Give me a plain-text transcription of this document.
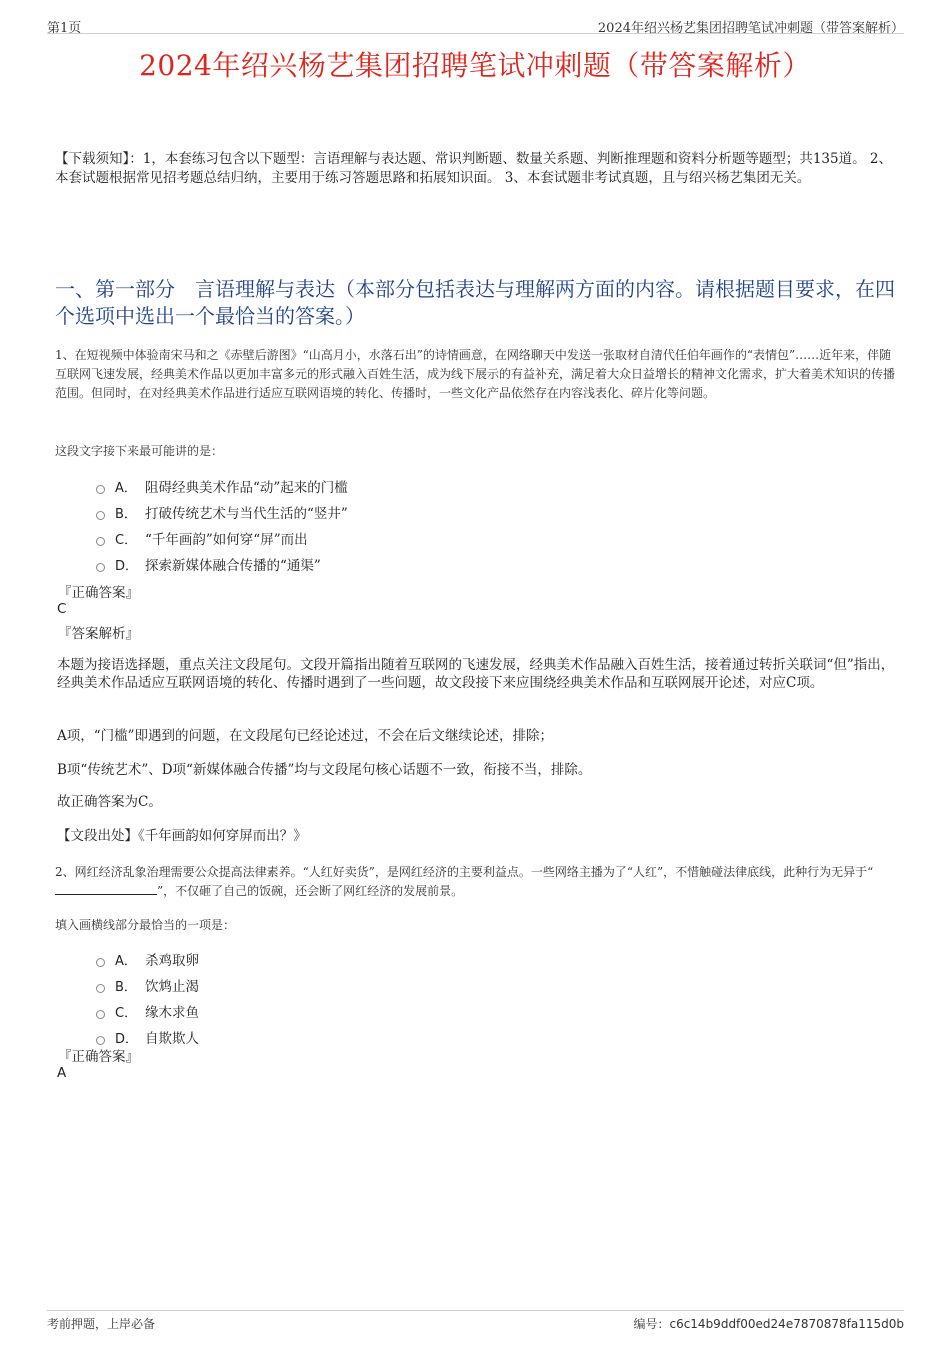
第1页	2024年绍兴杨艺集团招聘笔试冲刺题（带答案解析）
2024年绍兴杨艺集团招聘笔试冲刺题（带答案解析）
【下载须知】：1，本套练习包含以下题型：言语理解与表达题、常识判断题、数量关系题、判断推理题和资料分析题等题型；共135道。 2、本套试题根据常见招考题总结归纳，主要用于练习答题思路和拓展知识面。 3、本套试题非考试真题，且与绍兴杨艺集团无关。
一、第一部分　言语理解与表达（本部分包括表达与理解两方面的内容。请根据题目要求，在四个选项中选出一个最恰当的答案。）
1、在短视频中体验南宋马和之《赤壁后游图》“山高月小，水落石出”的诗情画意，在网络聊天中发送一张取材自清代任伯年画作的“表情包”……近年来，伴随互联网飞速发展，经典美术作品以更加丰富多元的形式融入百姓生活，成为线下展示的有益补充，满足着大众日益增长的精神文化需求，扩大着美术知识的传播范围。但同时，在对经典美术作品进行适应互联网语境的转化、传播时，一些文化产品依然存在内容浅表化、碎片化等问题。
这段文字接下来最可能讲的是：
A． 阻碍经典美术作品“动”起来的门槛
B． 打破传统艺术与当代生活的“竖井”
C． “千年画韵”如何穿“屏”而出
D． 探索新媒体融合传播的“通渠”
『正确答案』
C
『答案解析』
本题为接语选择题，重点关注文段尾句。文段开篇指出随着互联网的飞速发展，经典美术作品融入百姓生活，接着通过转折关联词“但”指出，经典美术作品适应互联网语境的转化、传播时遇到了一些问题，故文段接下来应围绕经典美术作品和互联网展开论述，对应C项。
A项，“门槛”即遇到的问题，在文段尾句已经论述过，不会在后文继续论述，排除；
B项“传统艺术”、D项“新媒体融合传播”均与文段尾句核心话题不一致，衔接不当，排除。
故正确答案为C。
【文段出处】《千年画韵如何穿屏而出？》
2、网红经济乱象治理需要公众提高法律素养。“人红好卖货”，是网红经济的主要利益点。一些网络主播为了“人红”，不惜触碰法律底线，此种行为无异于“”，不仅砸了自己的饭碗，还会断了网红经济的发展前景。
填入画横线部分最恰当的一项是：
A． 杀鸡取卵
B． 饮鸩止渴
C． 缘木求鱼
D． 自欺欺人
『正确答案』
A
考前押题，上岸必备	编号：c6c14b9ddf00ed24e7870878fa115d0b
